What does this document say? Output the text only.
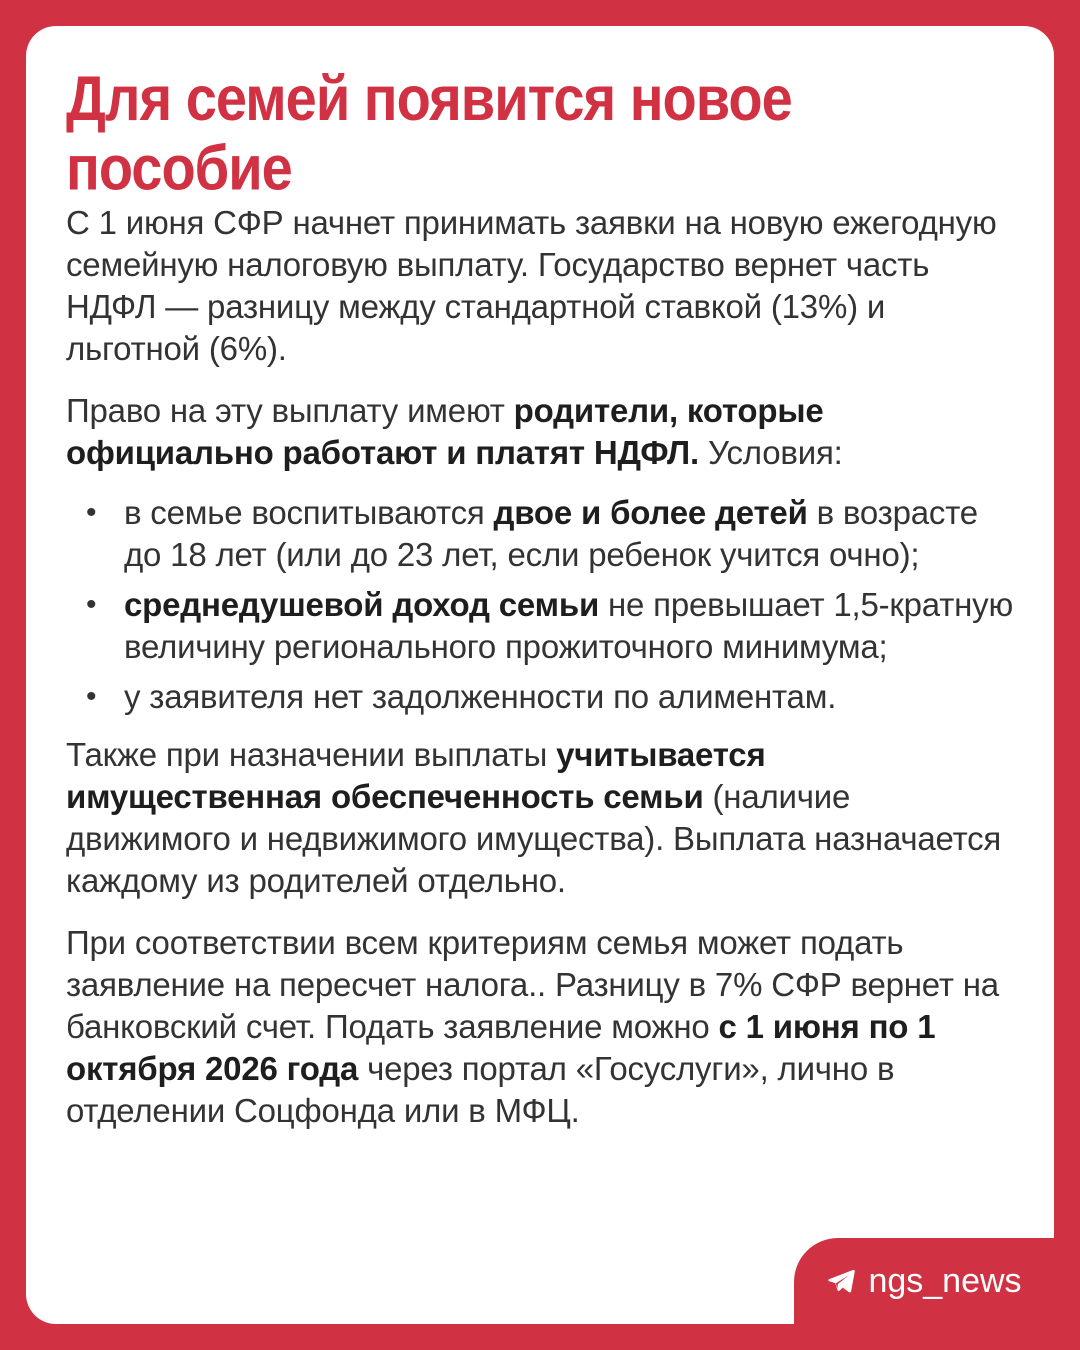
Для семей появится новое пособие

С 1 июня СФР начнет принимать заявки на новую ежегодную семейную налоговую выплату. Государство вернет часть НДФЛ — разницу между стандартной ставкой (13%) и льготной (6%).

Право на эту выплату имеют родители, которые официально работают и платят НДФЛ. Условия:

• в семье воспитываются двое и более детей в возрасте до 18 лет (или до 23 лет, если ребенок учится очно);
• среднедушевой доход семьи не превышает 1,5-кратную величину регионального прожиточного минимума;
• у заявителя нет задолженности по алиментам.

Также при назначении выплаты учитывается имущественная обеспеченность семьи (наличие движимого и недвижимого имущества). Выплата назначается каждому из родителей отдельно.

При соответствии всем критериям семья может подать заявление на пересчет налога.. Разницу в 7% СФР вернет на банковский счет. Подать заявление можно с 1 июня по 1 октября 2026 года через портал «Госуслуги», лично в отделении Соцфонда или в МФЦ.

ngs_news
